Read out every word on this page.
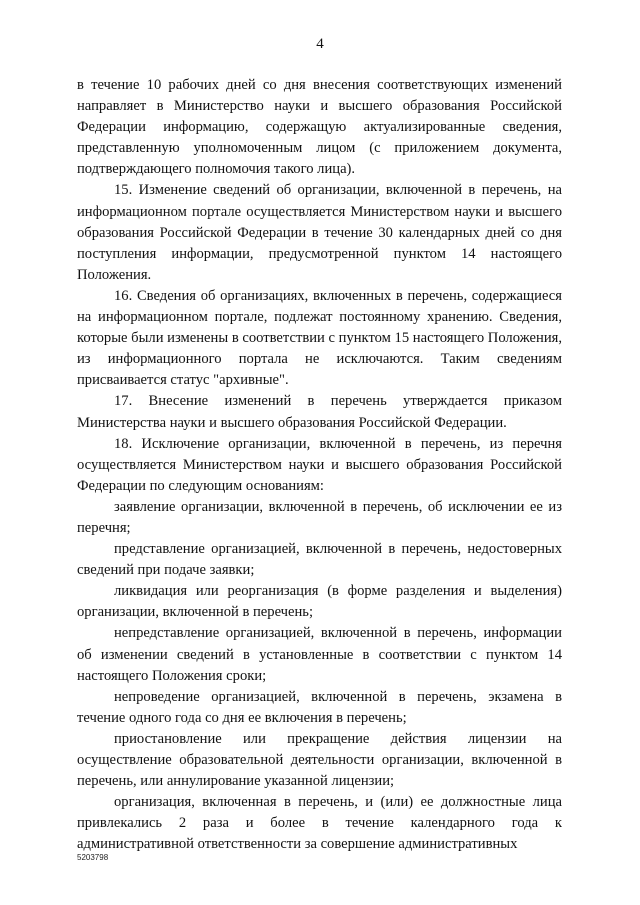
4

в течение 10 рабочих дней со дня внесения соответствующих изменений направляет в Министерство науки и высшего образования Российской Федерации информацию, содержащую актуализированные сведения, представленную уполномоченным лицом (с приложением документа, подтверждающего полномочия такого лица).

15. Изменение сведений об организации, включенной в перечень, на информационном портале осуществляется Министерством науки и высшего образования Российской Федерации в течение 30 календарных дней со дня поступления информации, предусмотренной пунктом 14 настоящего Положения.

16. Сведения об организациях, включенных в перечень, содержащиеся на информационном портале, подлежат постоянному хранению. Сведения, которые были изменены в соответствии с пунктом 15 настоящего Положения, из информационного портала не исключаются. Таким сведениям присваивается статус "архивные".

17. Внесение изменений в перечень утверждается приказом Министерства науки и высшего образования Российской Федерации.

18. Исключение организации, включенной в перечень, из перечня осуществляется Министерством науки и высшего образования Российской Федерации по следующим основаниям:

заявление организации, включенной в перечень, об исключении ее из перечня;

представление организацией, включенной в перечень, недостоверных сведений при подаче заявки;

ликвидация или реорганизация (в форме разделения и выделения) организации, включенной в перечень;

непредставление организацией, включенной в перечень, информации об изменении сведений в установленные в соответствии с пунктом 14 настоящего Положения сроки;

непроведение организацией, включенной в перечень, экзамена в течение одного года со дня ее включения в перечень;

приостановление или прекращение действия лицензии на осуществление образовательной деятельности организации, включенной в перечень, или аннулирование указанной лицензии;

организация, включенная в перечень, и (или) ее должностные лица привлекались 2 раза и более в течение календарного года к административной ответственности за совершение административных

5203798
